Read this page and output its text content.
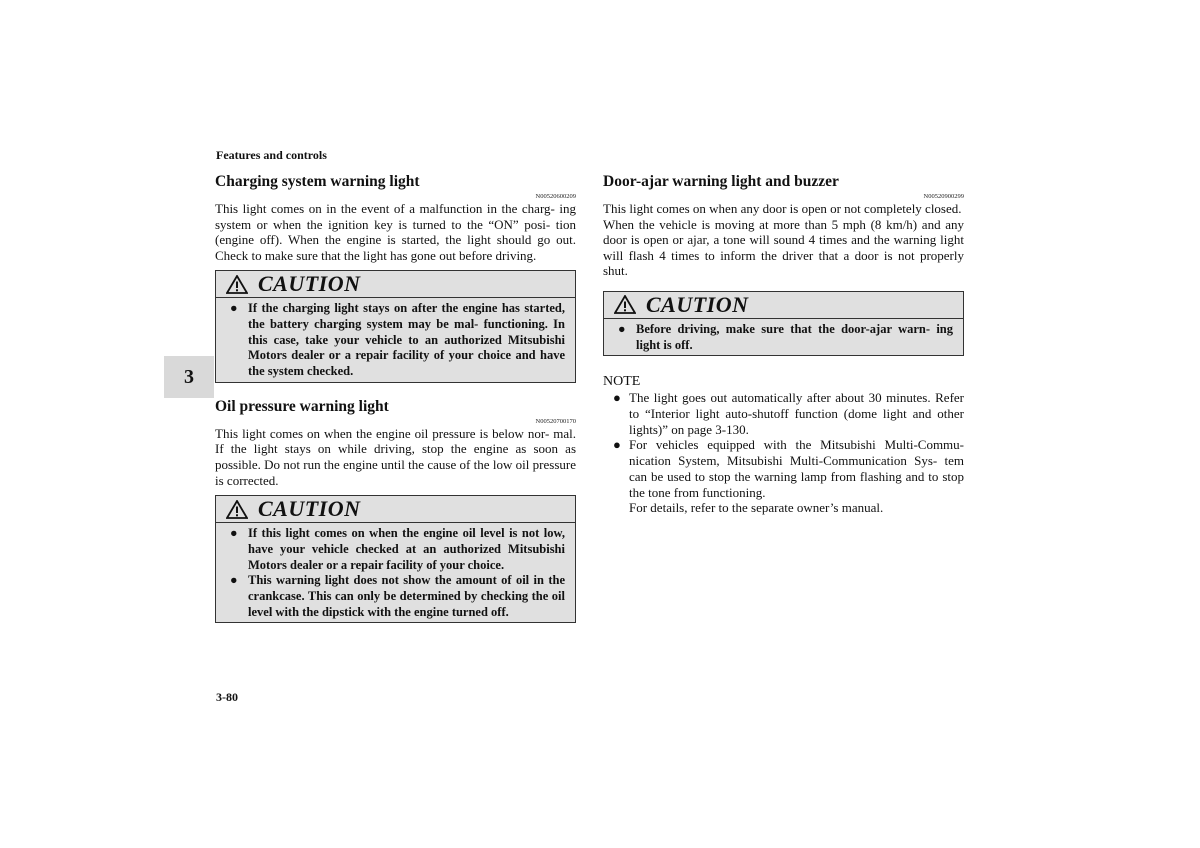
Features and controls
3
3-80
Charging system warning light
N00520600209

This light comes on in the event of a malfunction in the charg- ing system or when the ignition key is turned to the “ON” posi- tion (engine off). When the engine is started, the light should go out. Check to make sure that the light has gone out before driving.

CAUTION
● If the charging light stays on after the engine has started, the battery charging system may be mal- functioning. In this case, take your vehicle to an authorized Mitsubishi Motors dealer or a repair facility of your choice and have the system checked.
Oil pressure warning light
N00520700170

This light comes on when the engine oil pressure is below nor- mal. If the light stays on while driving, stop the engine as soon as possible. Do not run the engine until the cause of the low oil pressure is corrected.

CAUTION
● If this light comes on when the engine oil level is not low, have your vehicle checked at an authorized Mitsubishi Motors dealer or a repair facility of your choice.
● This warning light does not show the amount of oil in the crankcase. This can only be determined by checking the oil level with the dipstick with the engine turned off.
Door-ajar warning light and buzzer
N00520900299

This light comes on when any door is open or not completely closed.

When the vehicle is moving at more than 5 mph (8 km/h) and any door is open or ajar, a tone will sound 4 times and the warning light will flash 4 times to inform the driver that a door is not properly shut.

CAUTION
● Before driving, make sure that the door-ajar warn- ing light is off.
NOTE
● The light goes out automatically after about 30 minutes. Refer to “Interior light auto-shutoff function (dome light and other lights)” on page 3-130.

● For vehicles equipped with the Mitsubishi Multi-Commu- nication System, Mitsubishi Multi-Communication Sys- tem can be used to stop the warning lamp from flashing and to stop the tone from functioning.

For details, refer to the separate owner’s manual.
